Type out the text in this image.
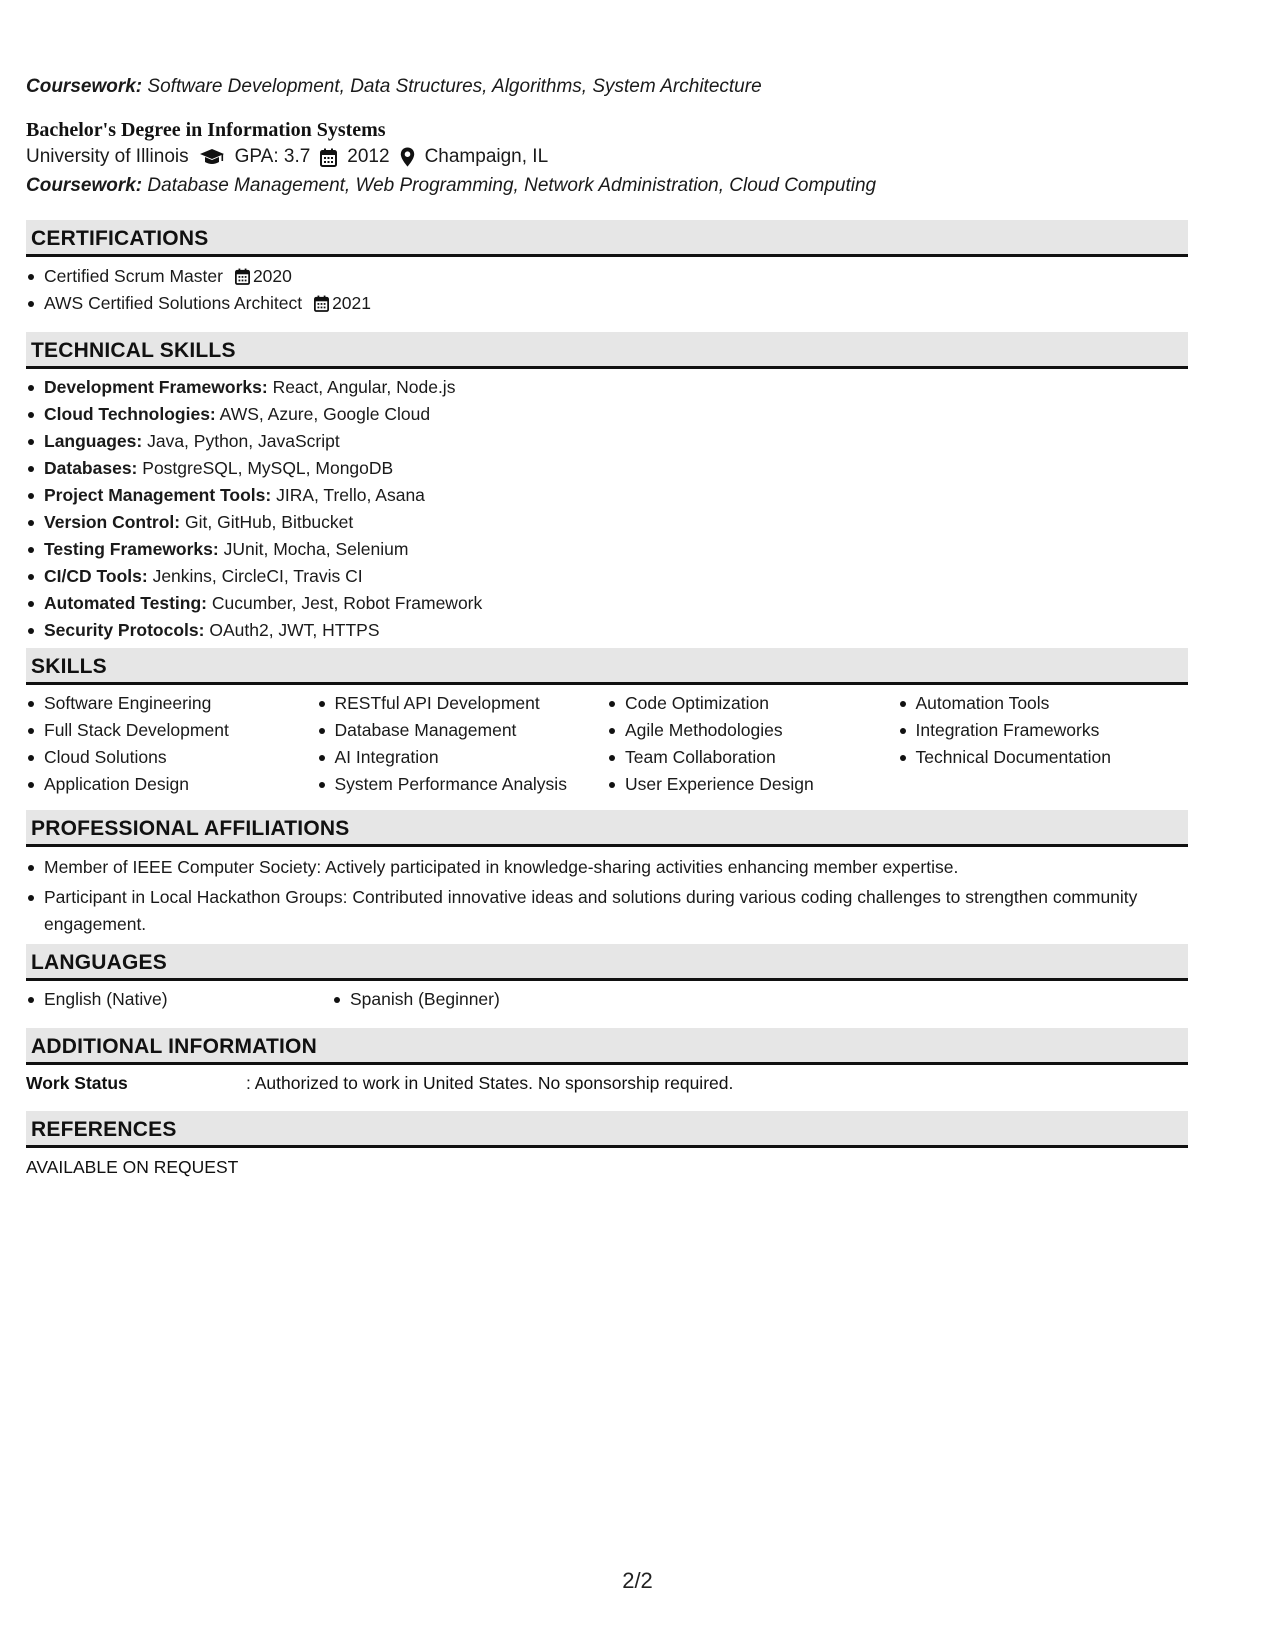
Coursework: Software Development, Data Structures, Algorithms, System Architecture
Bachelor's Degree in Information Systems
University of Illinois GPA: 3.7 2012 Champaign, IL
Coursework: Database Management, Web Programming, Network Administration, Cloud Computing
CERTIFICATIONS
Certified Scrum Master 2020
AWS Certified Solutions Architect 2021
TECHNICAL SKILLS
Development Frameworks: React, Angular, Node.js
Cloud Technologies: AWS, Azure, Google Cloud
Languages: Java, Python, JavaScript
Databases: PostgreSQL, MySQL, MongoDB
Project Management Tools: JIRA, Trello, Asana
Version Control: Git, GitHub, Bitbucket
Testing Frameworks: JUnit, Mocha, Selenium
CI/CD Tools: Jenkins, CircleCI, Travis CI
Automated Testing: Cucumber, Jest, Robot Framework
Security Protocols: OAuth2, JWT, HTTPS
SKILLS
Software Engineering
Full Stack Development
Cloud Solutions
Application Design
RESTful API Development
Database Management
AI Integration
System Performance Analysis
Code Optimization
Agile Methodologies
Team Collaboration
User Experience Design
Automation Tools
Integration Frameworks
Technical Documentation
PROFESSIONAL AFFILIATIONS
Member of IEEE Computer Society: Actively participated in knowledge-sharing activities enhancing member expertise.
Participant in Local Hackathon Groups: Contributed innovative ideas and solutions during various coding challenges to strengthen community engagement.
LANGUAGES
English (Native)	Spanish (Beginner)
ADDITIONAL INFORMATION
Work Status	: Authorized to work in United States. No sponsorship required.
REFERENCES
AVAILABLE ON REQUEST
2/2
